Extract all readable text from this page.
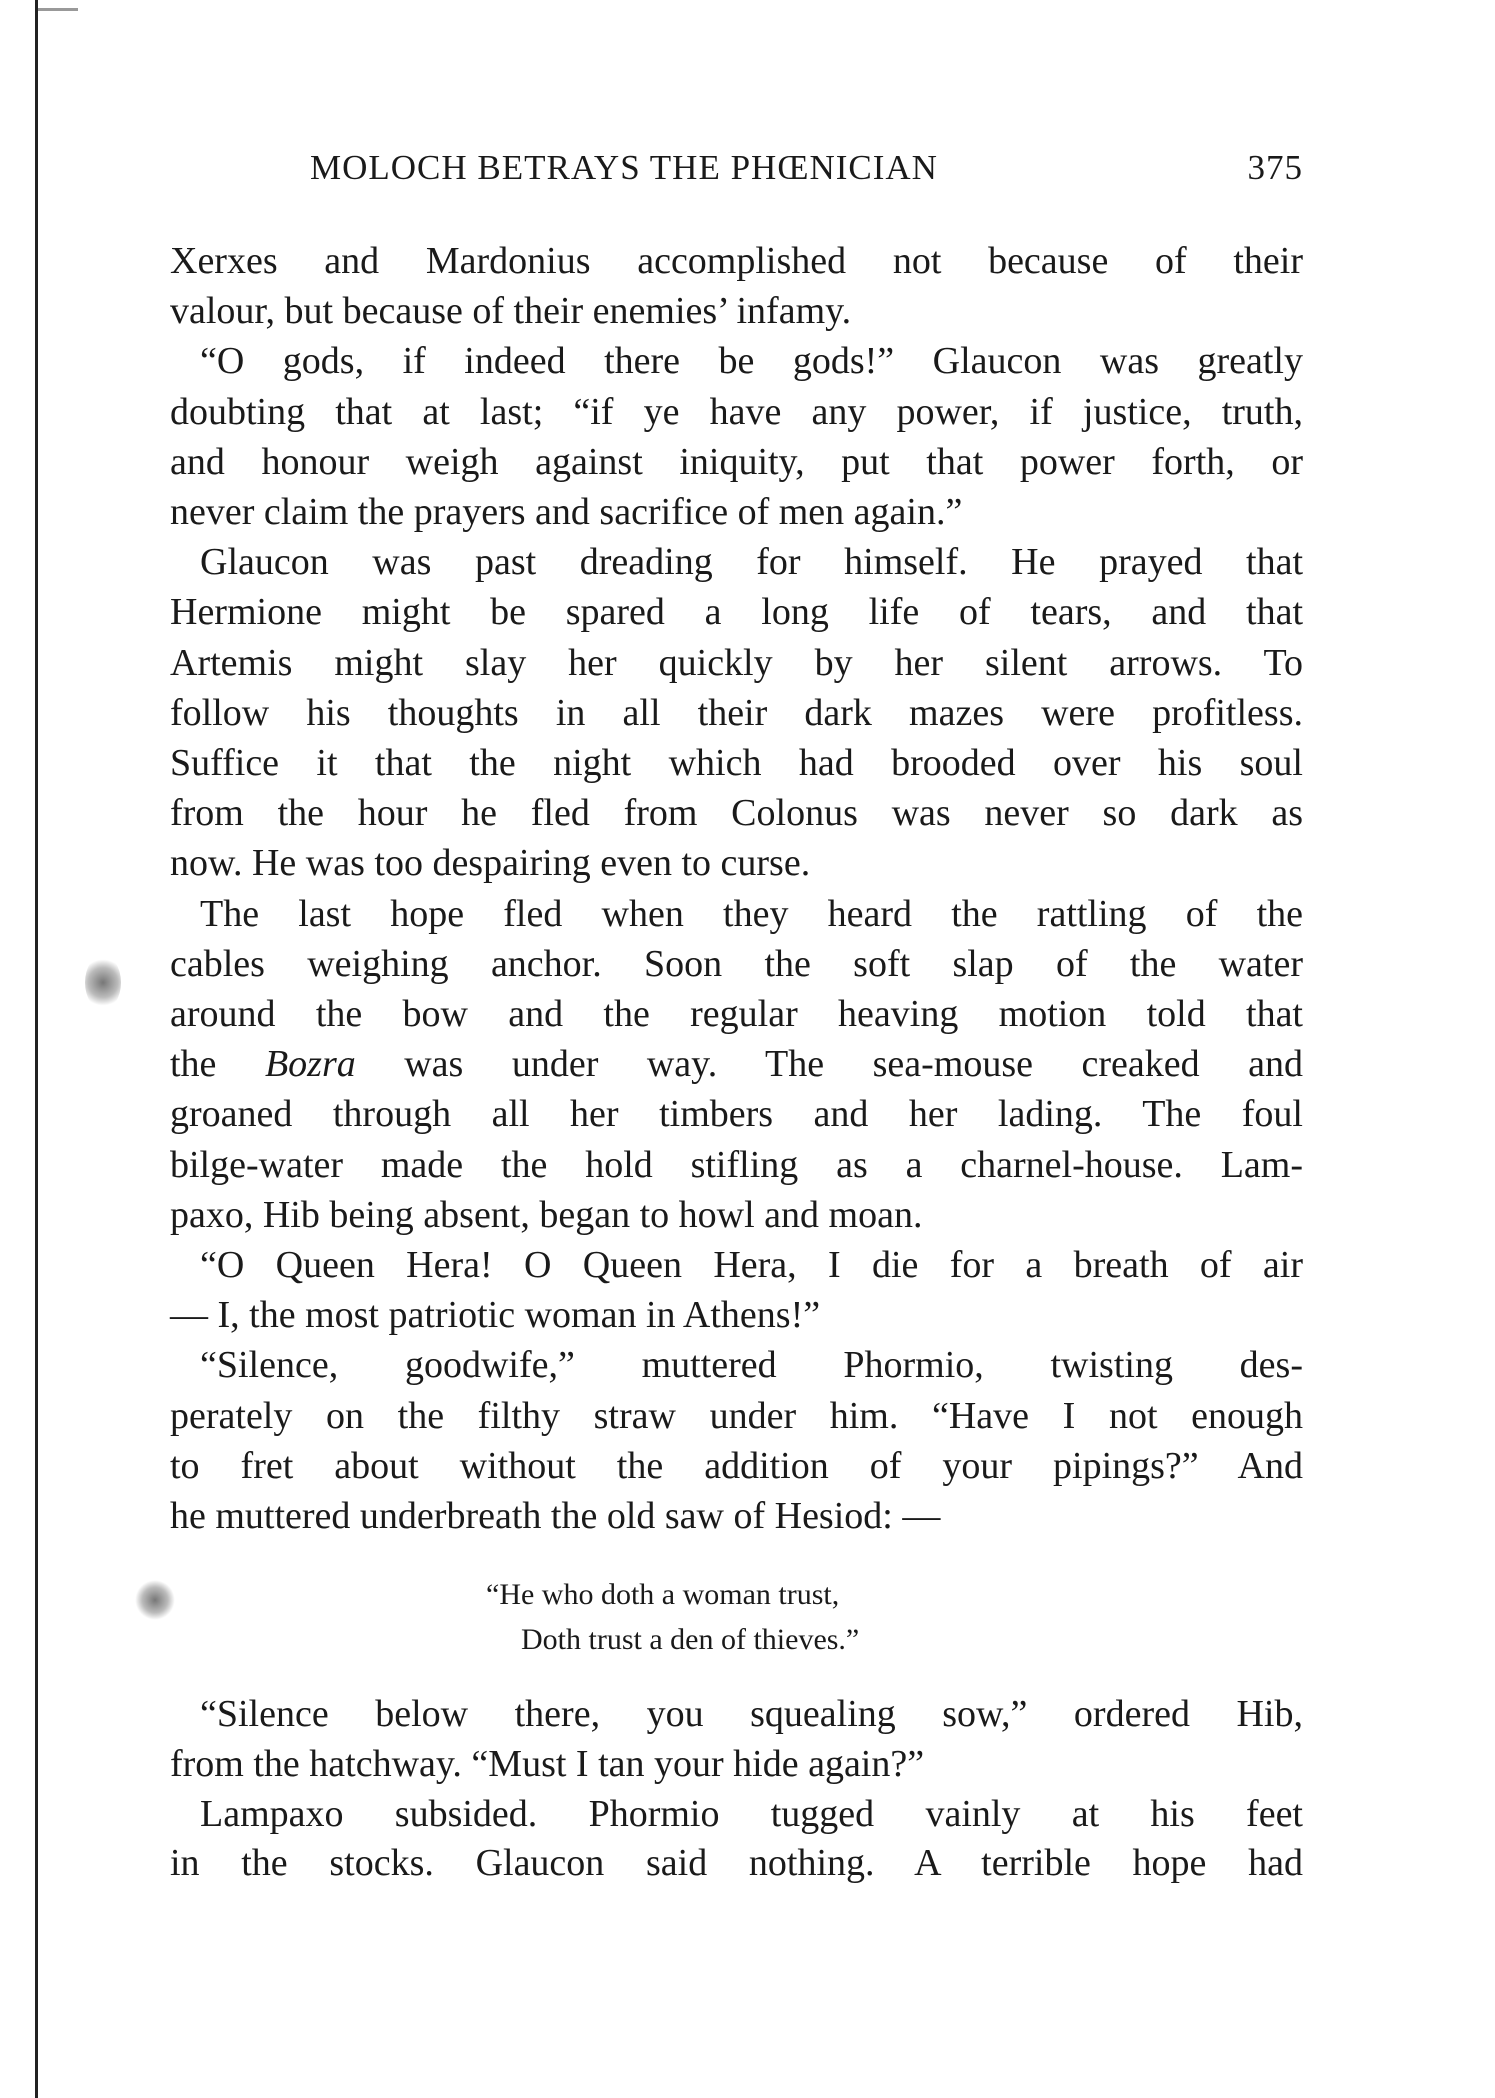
MOLOCH BETRAYS THE PHŒNICIAN	375
Xerxes and Mardonius accomplished not because of their
valour, but because of their enemies’ infamy.
“O gods, if indeed there be gods!” Glaucon was greatly
doubting that at last; “if ye have any power, if justice, truth,
and honour weigh against iniquity, put that power forth, or
never claim the prayers and sacrifice of men again.”
Glaucon was past dreading for himself. He prayed that
Hermione might be spared a long life of tears, and that
Artemis might slay her quickly by her silent arrows. To
follow his thoughts in all their dark mazes were profitless.
Suffice it that the night which had brooded over his soul
from the hour he fled from Colonus was never so dark as
now. He was too despairing even to curse.
The last hope fled when they heard the rattling of the
cables weighing anchor. Soon the soft slap of the water
around the bow and the regular heaving motion told that
the Bozra was under way. The sea-mouse creaked and
groaned through all her timbers and her lading. The foul
bilge-water made the hold stifling as a charnel-house. Lam-
paxo, Hib being absent, began to howl and moan.
“O Queen Hera! O Queen Hera, I die for a breath of air
— I, the most patriotic woman in Athens!”
“Silence, goodwife,” muttered Phormio, twisting des-
perately on the filthy straw under him. “Have I not enough
to fret about without the addition of your pipings?” And
he muttered underbreath the old saw of Hesiod: —
“Silence below there, you squealing sow,” ordered Hib,
from the hatchway. “Must I tan your hide again?”
Lampaxo subsided. Phormio tugged vainly at his feet
in the stocks. Glaucon said nothing. A terrible hope had
“He who doth a woman trust,
Doth trust a den of thieves.”
